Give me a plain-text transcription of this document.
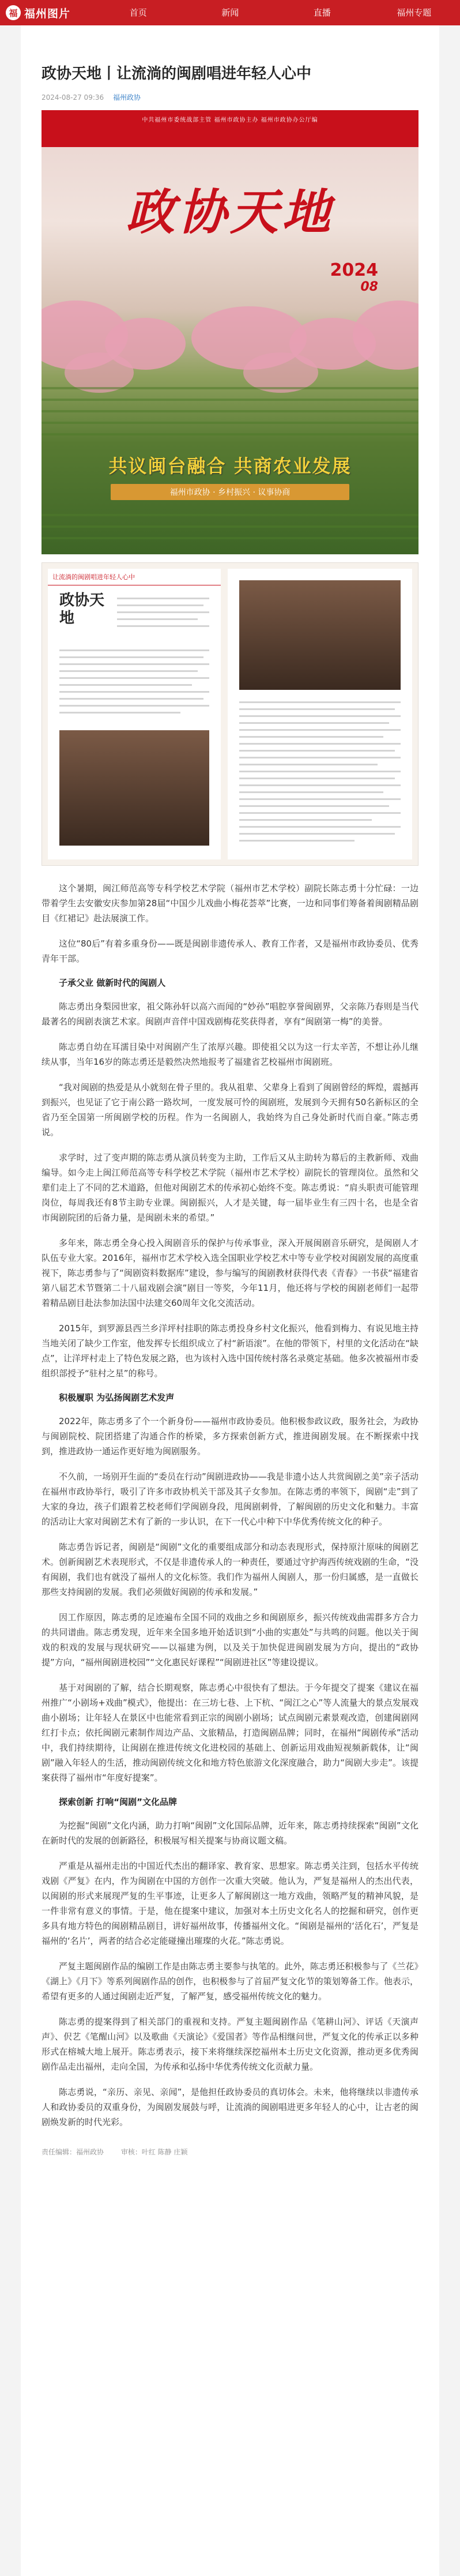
福 福州图片	首页	新闻	直播	福州专题
政协天地丨让流淌的闽剧唱进年轻人心中
2024-08-27 09:36 福州政协
中共福州市委统战部主管 福州市政协主办 福州市政协办公厅编
政协天地
2024
08
共议闽台融合 共商农业发展
福州市政协 · 乡村振兴 · 议事协商
让流淌的闽剧唱进年轻人心中
政协天地

这个暑期，闽江师范高等专科学校艺术学院（福州市艺术学校）副院长陈志勇十分忙碌：一边带着学生去安徽安庆参加第28届“中国少儿戏曲小梅花荟萃”比赛，一边和同事们筹备着闽剧精品剧目《红裙记》赴法展演工作。

这位“80后”有着多重身份——既是闽剧非遗传承人、教育工作者，又是福州市政协委员、优秀青年干部。

子承父业 做新时代的闽剧人

陈志勇出身梨园世家，祖父陈孙轩以高六而闻的“妙孙”唱腔享誉闽剧界，父亲陈乃春则是当代最著名的闽剧表演艺术家。闽剧声音伴中国戏剧梅花奖获得者，享有“闽剧第一梅”的美誉。

陈志勇自幼在耳濡目染中对闽剧产生了浓厚兴趣。即使祖父以为这一行太辛苦，不想让孙儿继续从事，当年16岁的陈志勇还是毅然决然地报考了福建省艺校福州市闽剧班。

“我对闽剧的热爱是从小就刻在骨子里的。我从祖辈、父辈身上看到了闽剧曾经的辉煌，震撼再到振兴，也见证了它于南公路一路坎坷，一度发展可怜的闽剧班，发展到今天拥有50名新标区的全省乃至全国第一所闽剧学校的历程。作为一名闽剧人，我始终为自己身处新时代而自豪。”陈志勇说。

求学时，过了变声期的陈志勇从演员转变为主助，工作后又从主助转为幕后的主教新师、戏曲编导。如今走上闽江师范高等专科学校艺术学院（福州市艺术学校）副院长的管理岗位。虽然和父辈们走上了不同的艺术道路，但他对闽剧艺术的传承初心始终不变。陈志勇说：“肩头职责可能管理岗位，每周我还有8节主助专业课。闽剧振兴，人才是关键，每一届毕业生有三四十名，也是全省市闽剧院团的后备力量，是闽剧未来的希望。”

多年来，陈志勇全身心投入闽剧音乐的保护与传承事业，深入开展闽剧音乐研究，是闽剧人才队伍专业大家。2016年，福州市艺术学校入选全国职业学校艺术中等专业学校对闽剧发展的高度重视下，陈志勇参与了“闽剧资料数据库”建设，参与编写的闽剧教材获得代表《青春》一书获“福建省第八届艺术节暨第二十八届戏剧会演”剧目一等奖，今年11月，他还将与学校的闽剧老师们一起带着精品剧目赴法参加法国中法建交60周年文化交流活动。

2015年，到罗源县西兰乡洋坪村挂职的陈志勇投身乡村文化振兴，他看到梅力、有说见地主持当地关闭了缺少工作室，他发挥专长组织成立了村“新语滚”。在他的带领下，村里的文化活动在“缺点”，让洋坪村走上了特色发展之路，也为该村入选中国传统村落名录奠定基础。他多次被福州市委组织部授予“驻村之星”的称号。

积极履职 为弘扬闽剧艺术发声

2022年，陈志勇多了个一个新身份——福州市政协委员。他积极参政议政，服务社会，为政协与闽剧院校、院团搭建了沟通合作的桥梁，多方探索创新方式，推进闽剧发展。在不断探索中找到，推进政协一通运作更好地为闽剧服务。

不久前，一场别开生面的“委员在行动”闽剧进政协——我是非遗小达人共赏闽剧之美”亲子活动在福州市政协举行，吸引了许多市政协机关干部及其子女参加。在陈志勇的率领下，闽剧“走”到了大家的身边，孩子们跟着艺校老师们学闽剧身段，甩闽剧刺骨，了解闽剧的历史文化和魅力。丰富的活动让大家对闽剧艺术有了新的一步认识，在下一代心中种下中华优秀传统文化的种子。

陈志勇告诉记者，闽剧是“闽剧”文化的重要组成部分和动态表现形式，保持原汁原味的闽剧艺术。创新闽剧艺术表现形式，不仅是非遗传承人的一种责任，要通过守护海西传统戏剧的生命，“没有闽剧，我们也有就没了福州人的文化标签。我们作为福州人闽剧人，那一份归属感，是一直做长那些支持闽剧的发展。我们必须做好闽剧的传承和发展。”

因工作原因，陈志勇的足迹遍布全国不同的戏曲之乡和闽剧原乡，振兴传统戏曲需群多方合力的共同谱曲。陈志勇发现，近年来全国多地开始适识到“小曲的实惠处”与共鸣的问题。他以关于闽戏的积戏的发展与现状研究——以福建为例，以及关于加快促进闽剧发展为方向，提出的“政协提”方向，“福州闽剧进校园”“文化惠民好课程”“闽剧进社区”等建设提议。

基于对闽剧的了解，结合长期观察，陈志勇心中很快有了想法。于今年提交了提案《建议在福州推广“小剧场+戏曲”模式》，他提出：在三坊七巷、上下杭、“闽江之心”等人流量大的景点发展戏曲小剧场；让年轻人在景区中也能常看到正宗的闽剧小剧场；试点闽剧元素景观改造，创建闽剧网红打卡点；依托闽剧元素制作周边产品、文旅精品，打造闽剧品牌；同时，在福州“闽剧传承”活动中，我们持续期待，让闽剧在推进传统文化进校园的基础上、创新运用戏曲短视频新载体，让“闽剧”融入年轻人的生活，推动闽剧传统文化和地方特色旅游文化深度融合，助力“闽剧大步走”。该提案获得了福州市“年度好提案”。

探索创新 打响“闽剧”文化品牌

为挖掘“闽剧”文化内涵，助力打响“闽剧”文化国际品牌，近年来，陈志勇持续探索“闽剧”文化在新时代的发展的创新路径，积极展写相关提案与协商议题文稿。

严重是从福州走出的中国近代杰出的翻译家、教育家、思想家。陈志勇关注到，包括水平传统戏剧《严复》在内，作为闽剧在中国的方创作一次重大突破。他认为，严复是福州人的杰出代表，以闽剧的形式来展现严复的生平事迹，让更多人了解闽剧这一地方戏曲，领略严复的精神风貌，是一件非常有意义的事情。于是，他在提案中建议，加强对本土历史文化名人的挖掘和研究，创作更多具有地方特色的闽剧精品剧目，讲好福州故事，传播福州文化。“闽剧是福州的‘活化石’，严复是福州的‘名片’，两者的结合必定能碰撞出璀璨的火花。”陈志勇说。

严复主题闽剧作品的编剧工作是由陈志勇主要参与执笔的。此外，陈志勇还积极参与了《兰花》《湖上》《月下》等系列闽剧作品的创作，也积极参与了首届严复文化节的策划筹备工作。他表示，希望有更多的人通过闽剧走近严复，了解严复，感受福州传统文化的魅力。

陈志勇的提案得到了相关部门的重视和支持。严复主题闽剧作品《笔耕山河》、评话《天演声声》、伬艺《笔醒山河》以及歌曲《天演论》《爱国者》等作品相继问世，严复文化的传承正以多种形式在榕城大地上展开。陈志勇表示，接下来将继续深挖福州本土历史文化资源，推动更多优秀闽剧作品走出福州，走向全国，为传承和弘扬中华优秀传统文化贡献力量。

陈志勇说，“亲历、亲见、亲闻”，是他担任政协委员的真切体会。未来，他将继续以非遗传承人和政协委员的双重身份，为闽剧发展鼓与呼，让流淌的闽剧唱进更多年轻人的心中，让古老的闽剧焕发新的时代光彩。

责任编辑：福州政协 审核：叶红 陈静 庄颖
